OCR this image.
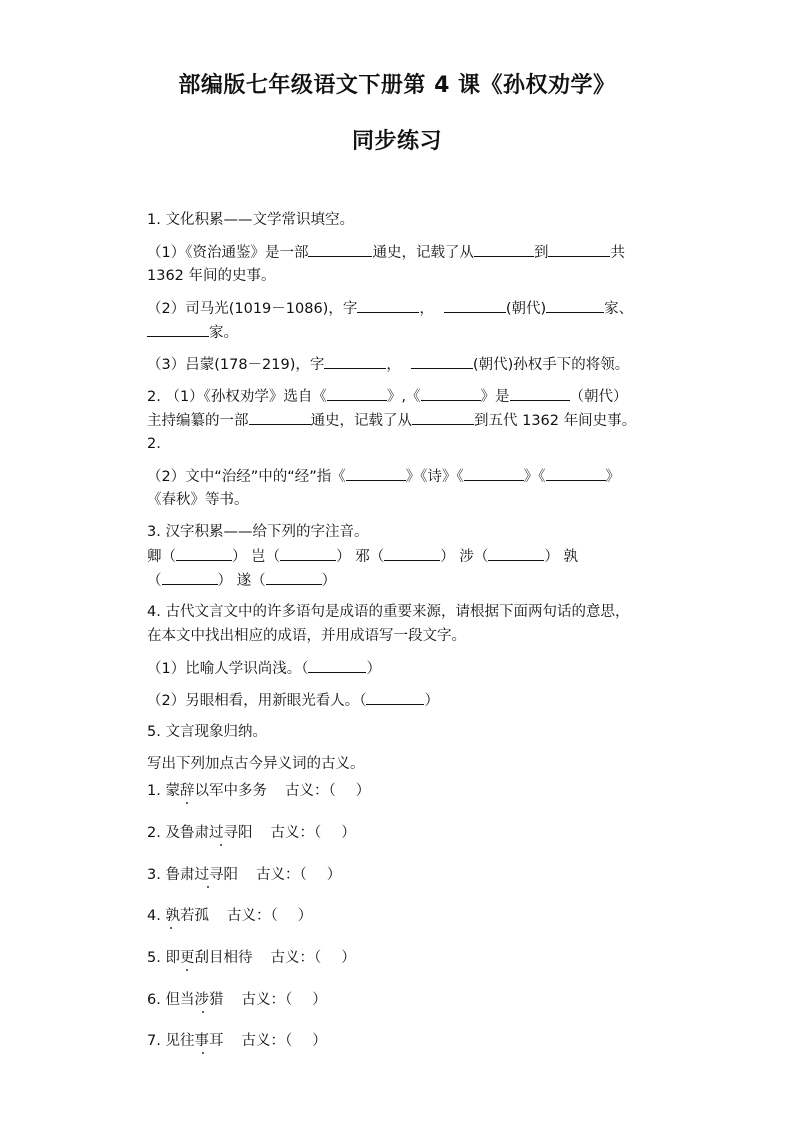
部编版七年级语文下册第 4 课《孙权劝学》
同步练习
1. 文化积累——文学常识填空。
（1）《资治通鉴》是一部	通史，记载了从	到	共
1362 年间的史事。
（2）司马光(1019－1086)，字	，	(朝代)	家、
家。
（3）吕蒙(178－219)，字	，	(朝代)孙权手下的将领。
2. （1）《孙权劝学》选自《	》,《	》是	（朝代）
主持编纂的一部	通史，记载了从	到五代 1362 年间史事。
2.
（2）文中“治经”中的“经”指《	》《诗》《	》《	》
《春秋》等书。
3. 汉字积累——给下列的字注音。
卿（	） 岂（	） 邪（	） 涉（	） 孰
（	） 遂（	）
4. 古代文言文中的许多语句是成语的重要来源，请根据下面两句话的意思，
在本文中找出相应的成语，并用成语写一段文字。
（1）比喻人学识尚浅。（	）
（2）另眼相看，用新眼光看人。（	）
5. 文言现象归纳。
写出下列加点古今异义词的古义。
1. 蒙辞以军中多务 古义：（ ）
2. 及鲁肃过寻阳 古义：（ ）
3. 鲁肃过寻阳 古义：（ ）
4. 孰若孤 古义：（ ）
5. 即更刮目相待 古义：（ ）
6. 但当涉猎 古义：（ ）
7. 见往事耳 古义：（ ）
